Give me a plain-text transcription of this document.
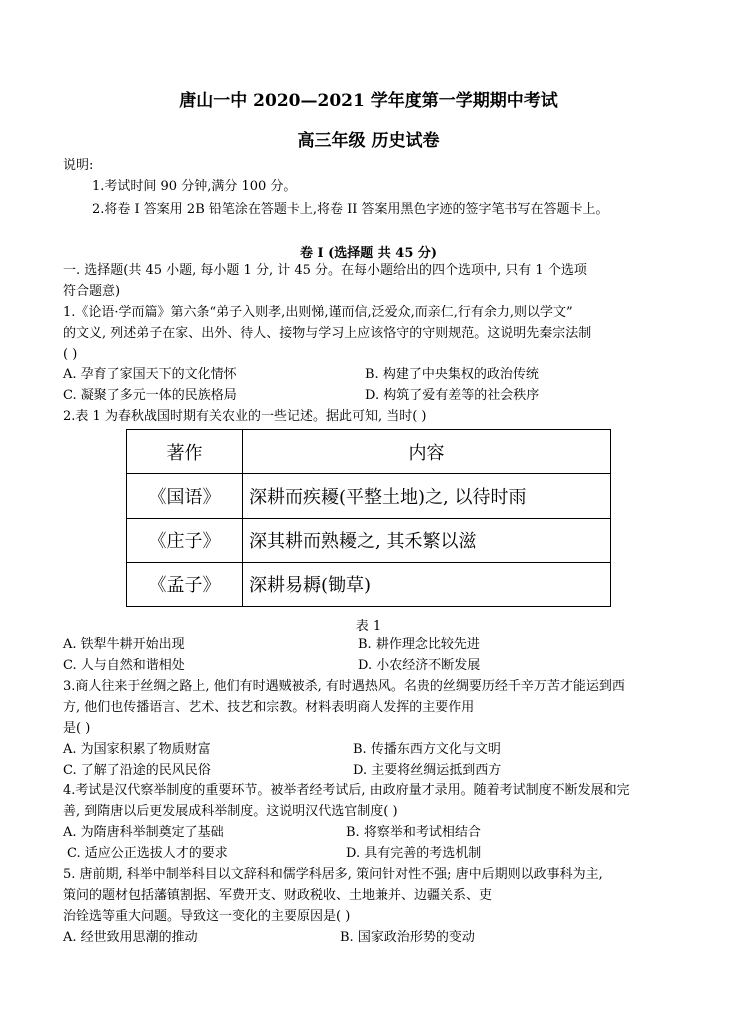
唐山一中 2020—2021 学年度第一学期期中考试
高三年级 历史试卷
说明:
1.考试时间 90 分钟,满分 100 分。
2.将卷 I 答案用 2B 铅笔涂在答题卡上,将卷 II 答案用黑色字迹的签字笔书写在答题卡上。
卷 I (选择题 共 45 分)
一. 选择题(共 45 小题, 每小题 1 分, 计 45 分。在每小题给出的四个选项中, 只有 1 个选项
符合题意)
1.《论语·学而篇》第六条“弟子入则孝,出则悌,谨而信,泛爱众,而亲仁,行有余力,则以学文”
的文义, 列述弟子在家、出外、待人、接物与学习上应该恪守的守则规范。这说明先秦宗法制
( )
A. 孕育了家国天下的文化情怀	B. 构建了中央集权的政治传统
C. 凝聚了多元一体的民族格局	D. 构筑了爱有差等的社会秩序
2.表 1 为春秋战国时期有关农业的一些记述。据此可知, 当时( )
著作	内容
《国语》	深耕而疾耰(平整土地)之, 以待时雨
《庄子》	深其耕而熟耰之, 其禾繁以滋
《孟子》	深耕易耨(锄草)
表 1
A. 铁犁牛耕开始出现	B. 耕作理念比较先进
C. 人与自然和谐相处	D. 小农经济不断发展
3.商人往来于丝绸之路上, 他们有时遇贼被杀, 有时遇热风。名贵的丝绸要历经千辛万苦才能运到西
方, 他们也传播语言、艺术、技艺和宗教。材料表明商人发挥的主要作用
是( )
A. 为国家积累了物质财富	B. 传播东西方文化与文明
C. 了解了沿途的民风民俗	D. 主要将丝绸运抵到西方
4.考试是汉代察举制度的重要环节。被举者经考试后, 由政府量才录用。随着考试制度不断发展和完
善, 到隋唐以后更发展成科举制度。这说明汉代选官制度( )
A. 为隋唐科举制奠定了基础	B. 将察举和考试相结合
C. 适应公正选拔人才的要求	D. 具有完善的考选机制
5. 唐前期, 科举中制举科目以文辞科和儒学科居多, 策问针对性不强; 唐中后期则以政事科为主,
策问的题材包括藩镇割据、军费开支、财政税收、土地兼并、边疆关系、吏
治铨选等重大问题。导致这一变化的主要原因是( )
A. 经世致用思潮的推动	B. 国家政治形势的变动
